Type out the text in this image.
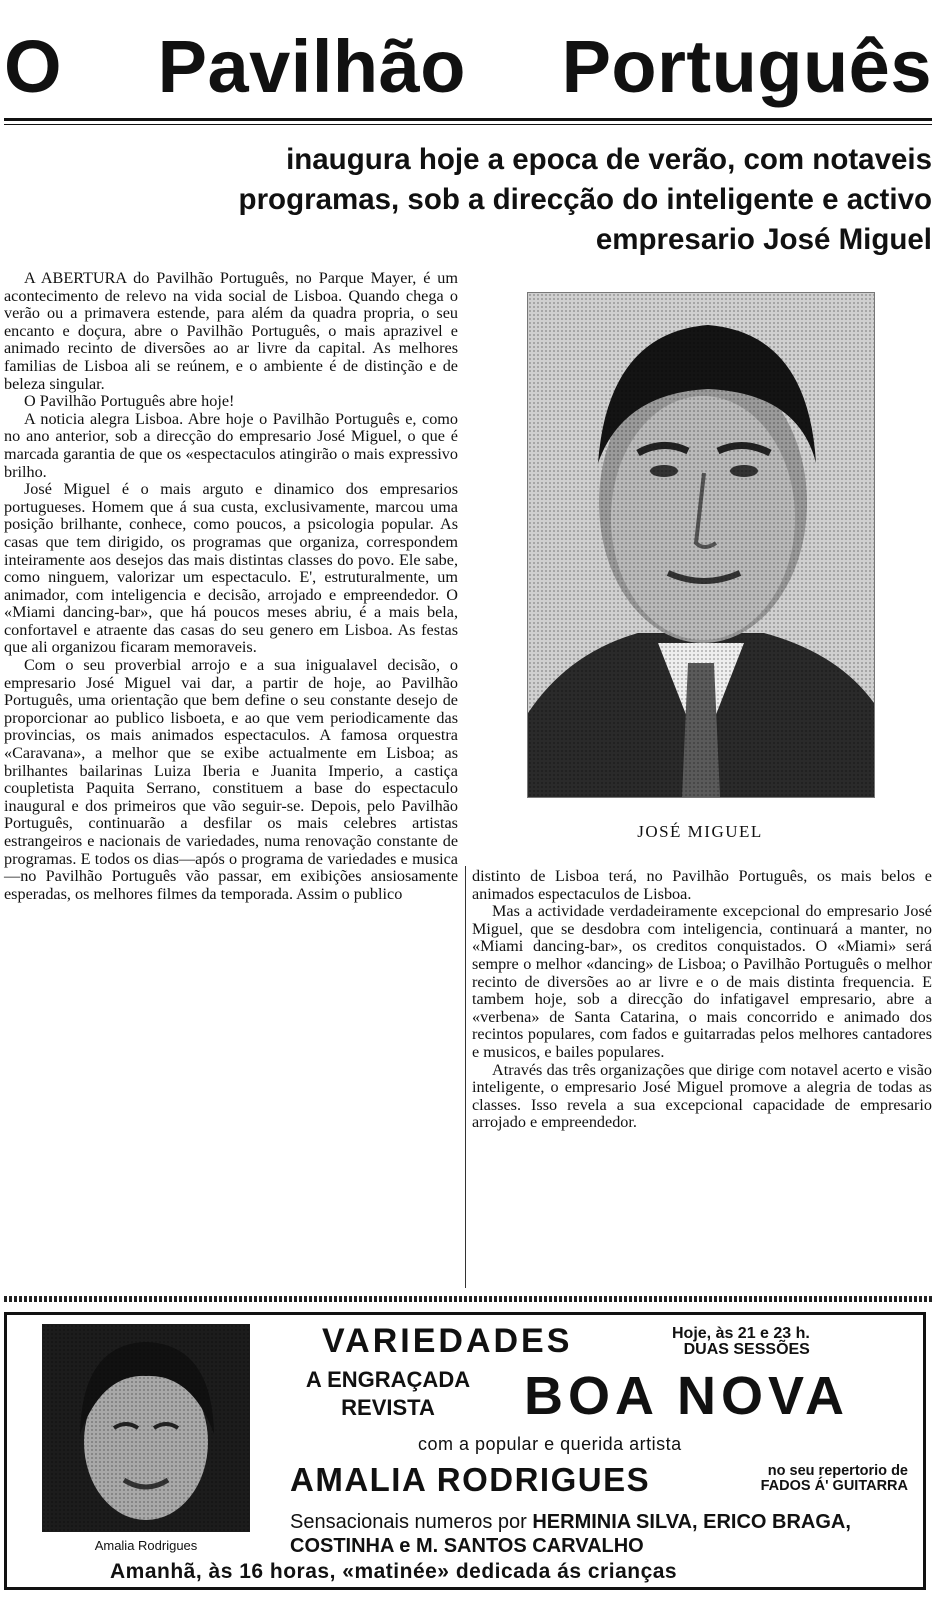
O Pavilhão Português
inaugura hoje a epoca de verão, com notaveis programas, sob a direcção do inteligente e activo empresario José Miguel

A ABERTURA do Pavilhão Português, no Parque Mayer, é um acontecimento de relevo na vida social de Lisboa. Quando chega o verão ou a primavera estende, para além da quadra propria, o seu encanto e doçura, abre o Pavilhão Português, o mais aprazivel e animado recinto de diversões ao ar livre da capital. As melhores familias de Lisboa ali se reúnem, e o ambiente é de distinção e de beleza singular.

O Pavilhão Português abre hoje!

A noticia alegra Lisboa. Abre hoje o Pavilhão Português e, como no ano anterior, sob a direcção do empresario José Miguel, o que é marcada garantia de que os «espectaculos atingirão o mais expressivo brilho.

José Miguel é o mais arguto e dinamico dos empresarios portugueses. Homem que á sua custa, exclusivamente, marcou uma posição brilhante, conhece, como poucos, a psicologia popular. As casas que tem dirigido, os programas que organiza, correspondem inteiramente aos desejos das mais distintas classes do povo. Ele sabe, como ninguem, valorizar um espectaculo. E', estruturalmente, um animador, com inteligencia e decisão, arrojado e empreendedor. O «Miami dancing-bar», que há poucos meses abriu, é a mais bela, confortavel e atraente das casas do seu genero em Lisboa. As festas que ali organizou ficaram memoraveis.

Com o seu proverbial arrojo e a sua inigualavel decisão, o empresario José Miguel vai dar, a partir de hoje, ao Pavilhão Português, uma orientação que bem define o seu constante desejo de proporcionar ao publico lisboeta, e ao que vem periodicamente das provincias, os mais animados espectaculos. A famosa orquestra «Caravana», a melhor que se exibe actualmente em Lisboa; as brilhantes bailarinas Luiza Iberia e Juanita Imperio, a castiça coupletista Paquita Serrano, constituem a base do espectaculo inaugural e dos primeiros que vão seguir-se. Depois, pelo Pavilhão Português, continuarão a desfilar os mais celebres artistas estrangeiros e nacionais de variedades, numa renovação constante de programas. E todos os dias—após o programa de variedades e musica—no Pavilhão Português vão passar, em exibições ansiosamente esperadas, os melhores filmes da temporada. Assim o publico

JOSÉ MIGUEL

distinto de Lisboa terá, no Pavilhão Português, os mais belos e animados espectaculos de Lisboa.

Mas a actividade verdadeiramente excepcional do empresario José Miguel, que se desdobra com inteligencia, continuará a manter, no «Miami dancing-bar», os creditos conquistados. O «Miami» será sempre o melhor «dancing» de Lisboa; o Pavilhão Português o melhor recinto de diversões ao ar livre e o de mais distinta frequencia. E tambem hoje, sob a direcção do infatigavel empresario, abre a «verbena» de Santa Catarina, o mais concorrido e animado dos recintos populares, com fados e guitarradas pelos melhores cantadores e musicos, e bailes populares.

Através das três organizações que dirige com notavel acerto e visão inteligente, o empresario José Miguel promove a alegria de todas as classes. Isso revela a sua excepcional capacidade de empresario arrojado e empreendedor.

Amalia Rodrigues
VARIEDADES	Hoje, às 21 e 23 h.
DUAS SESSÕES
A ENGRAÇADA REVISTA	BOA NOVA
com a popular e querida artista
AMALIA RODRIGUES	no seu repertorio de
FADOS Á' GUITARRA
Sensacionais numeros por HERMINIA SILVA, ERICO BRAGA, COSTINHA e M. SANTOS CARVALHO
Amanhã, às 16 horas, «matinée» dedicada ás crianças
